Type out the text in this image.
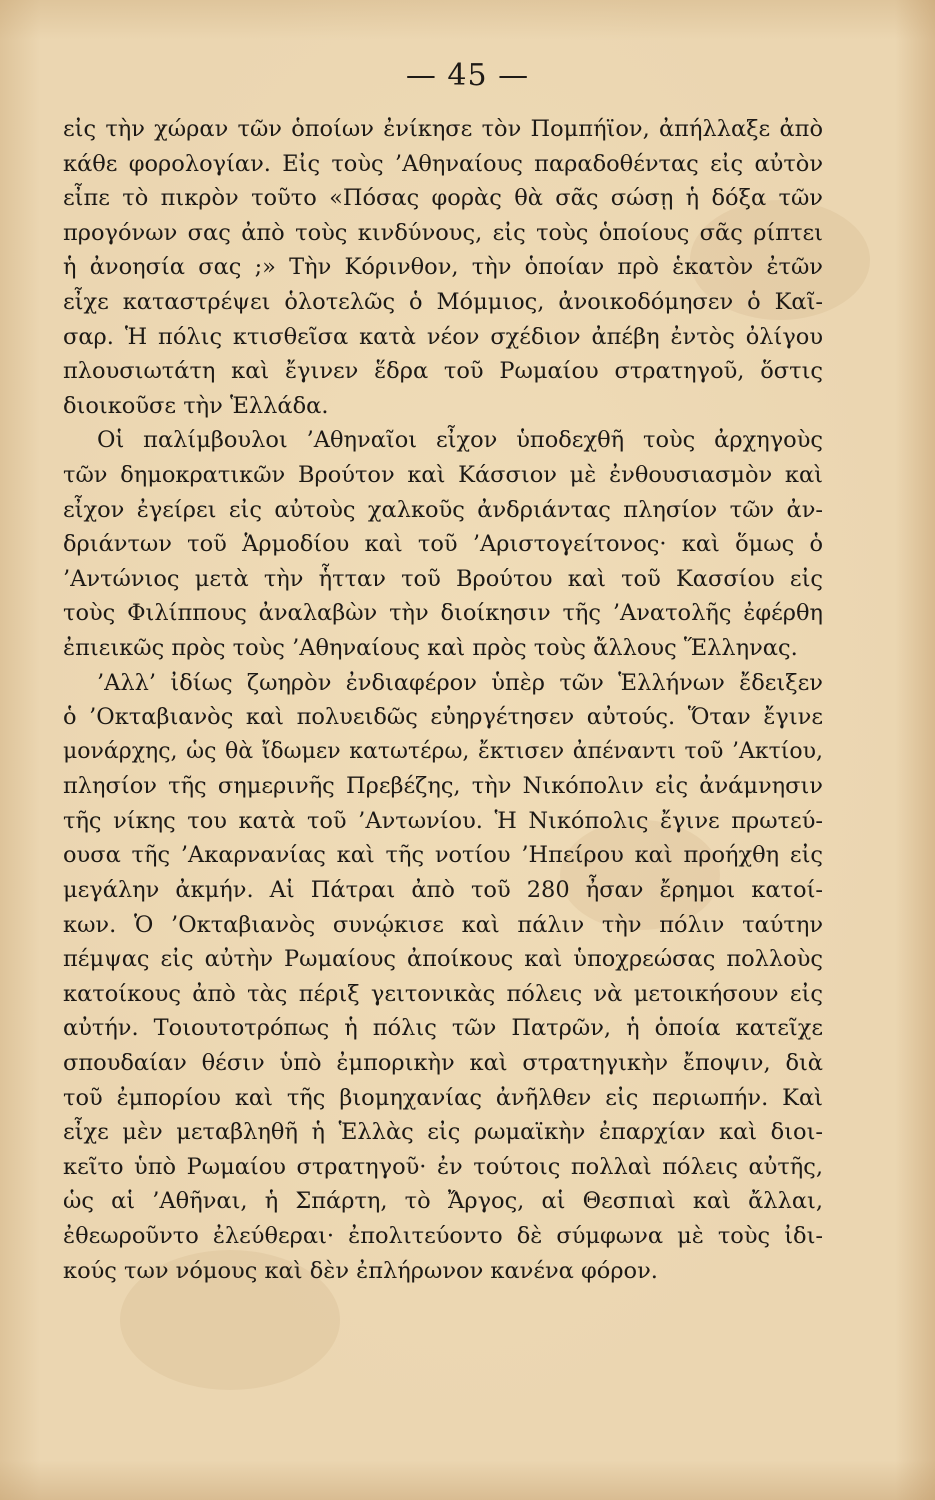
— 45 —
εἰς τὴν χώραν τῶν ὁποίων ἐνίκησε τὸν Πομπήϊον, ἀπήλλαξε ἀπὸ
κάθε φορολογίαν. Εἰς τοὺς ’Αθηναίους παραδοθέντας εἰς αὐτὸν
εἶπε τὸ πικρὸν τοῦτο «Πόσας φορὰς θὰ σᾶς σώσῃ ἡ δόξα τῶν
προγόνων σας ἀπὸ τοὺς κινδύνους, εἰς τοὺς ὁποίους σᾶς ρίπτει
ἡ ἀνοησία σας ;» Τὴν Κόρινθον, τὴν ὁποίαν πρὸ ἑκατὸν ἐτῶν
εἶχε καταστρέψει ὁλοτελῶς ὁ Μόμμιος, ἀνοικοδόμησεν ὁ Καῖ-
σαρ. Ἡ πόλις κτισθεῖσα κατὰ νέον σχέδιον ἀπέβη ἐντὸς ὀλίγου
πλουσιωτάτη καὶ ἔγινεν ἕδρα τοῦ Ρωμαίου στρατηγοῦ, ὅστις
διοικοῦσε τὴν Ἑλλάδα.
Οἱ παλίμβουλοι ’Αθηναῖοι εἶχον ὑποδεχθῆ τοὺς ἀρχηγοὺς
τῶν δημοκρατικῶν Βρούτον καὶ Κάσσιον μὲ ἐνθουσιασμὸν καὶ
εἶχον ἐγείρει εἰς αὐτοὺς χαλκοῦς ἀνδριάντας πλησίον τῶν ἀν-
δριάντων τοῦ Ἁρμοδίου καὶ τοῦ ’Αριστογείτονος· καὶ ὅμως ὁ
’Αντώνιος μετὰ τὴν ἧτταν τοῦ Βρούτου καὶ τοῦ Κασσίου εἰς
τοὺς Φιλίππους ἀναλαβὼν τὴν διοίκησιν τῆς ’Ανατολῆς ἐφέρθη
ἐπιεικῶς πρὸς τοὺς ’Αθηναίους καὶ πρὸς τοὺς ἄλλους Ἕλληνας.
’Αλλ’ ἰδίως ζωηρὸν ἐνδιαφέρον ὑπὲρ τῶν Ἑλλήνων ἔδειξεν
ὁ ’Οκταβιανὸς καὶ πολυειδῶς εὐηργέτησεν αὐτούς. Ὅταν ἔγινε
μονάρχης, ὡς θὰ ἴδωμεν κατωτέρω, ἔκτισεν ἀπέναντι τοῦ ’Ακτίου,
πλησίον τῆς σημερινῆς Πρεβέζης, τὴν Νικόπολιν εἰς ἀνάμνησιν
τῆς νίκης του κατὰ τοῦ ’Αντωνίου. Ἡ Νικόπολις ἔγινε πρωτεύ-
ουσα τῆς ’Ακαρνανίας καὶ τῆς νοτίου ’Ηπείρου καὶ προήχθη εἰς
μεγάλην ἀκμήν. Αἱ Πάτραι ἀπὸ τοῦ 280 ἦσαν ἔρημοι κατοί-
κων. Ὁ ’Οκταβιανὸς συνῴκισε καὶ πάλιν τὴν πόλιν ταύτην
πέμψας εἰς αὐτὴν Ρωμαίους ἀποίκους καὶ ὑποχρεώσας πολλοὺς
κατοίκους ἀπὸ τὰς πέριξ γειτονικὰς πόλεις νὰ μετοικήσουν εἰς
αὐτήν. Τοιουτοτρόπως ἡ πόλις τῶν Πατρῶν, ἡ ὁποία κατεῖχε
σπουδαίαν θέσιν ὑπὸ ἐμπορικὴν καὶ στρατηγικὴν ἔποψιν, διὰ
τοῦ ἐμπορίου καὶ τῆς βιομηχανίας ἀνῆλθεν εἰς περιωπήν. Καὶ
εἶχε μὲν μεταβληθῆ ἡ Ἑλλὰς εἰς ρωμαϊκὴν ἐπαρχίαν καὶ διοι-
κεῖτο ὑπὸ Ρωμαίου στρατηγοῦ· ἐν τούτοις πολλαὶ πόλεις αὐτῆς,
ὡς αἱ ’Αθῆναι, ἡ Σπάρτη, τὸ Ἄργος, αἱ Θεσπιαὶ καὶ ἄλλαι,
ἐθεωροῦντο ἐλεύθεραι· ἐπολιτεύοντο δὲ σύμφωνα μὲ τοὺς ἰδι-
κούς των νόμους καὶ δὲν ἐπλήρωνον κανένα φόρον.
